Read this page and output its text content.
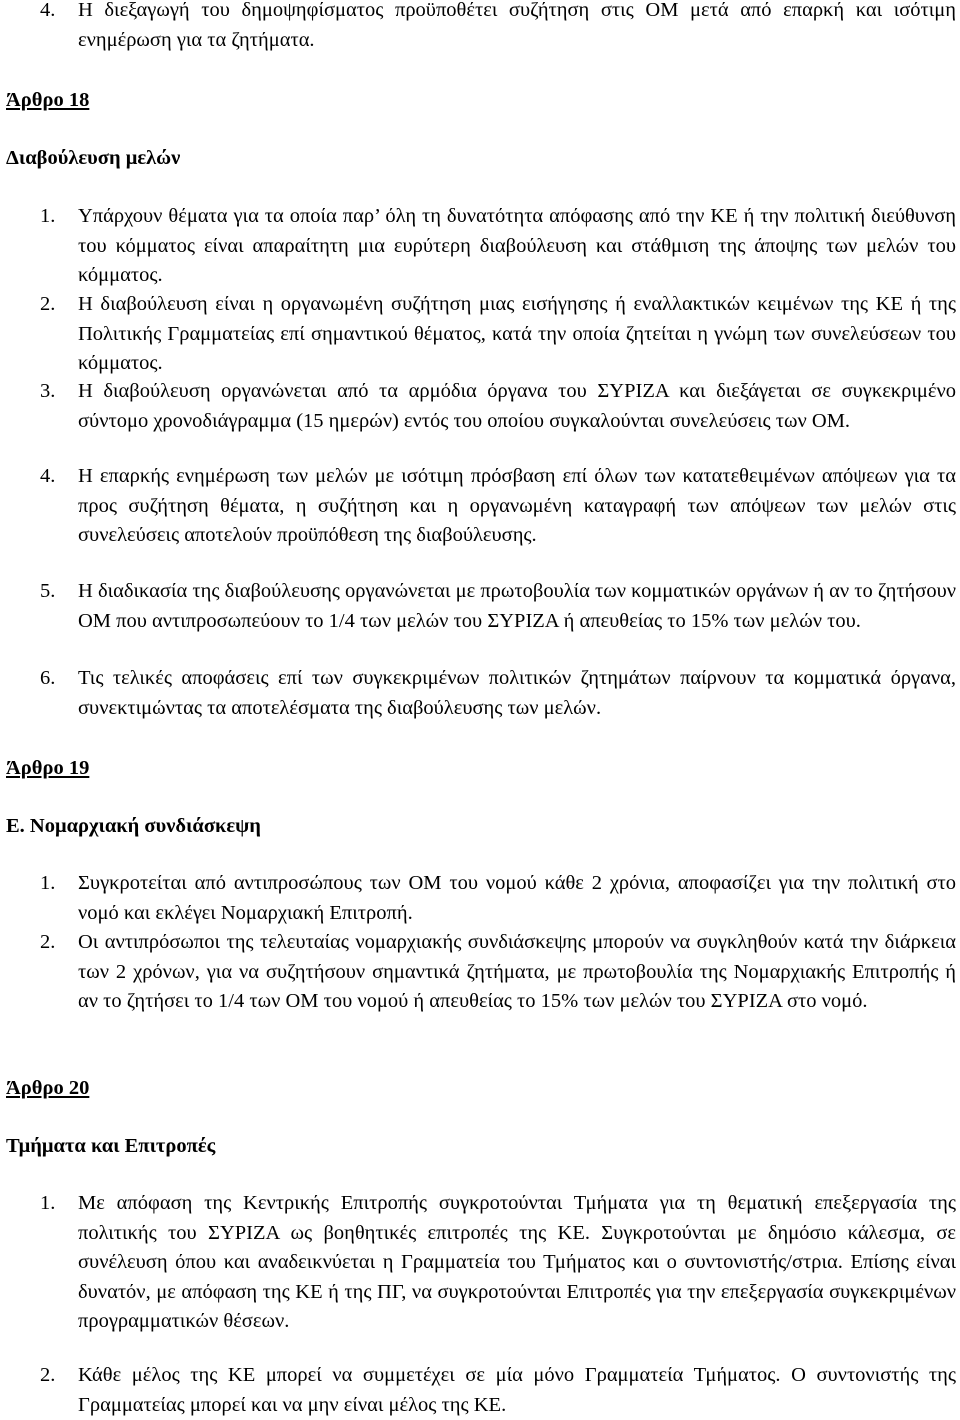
4. Η διεξαγωγή του δημοψηφίσματος προϋποθέτει συζήτηση στις ΟΜ μετά από επαρκή και ισότιμη ενημέρωση για τα ζητήματα.
Άρθρο 18
Διαβούλευση μελών
1. Υπάρχουν θέματα για τα οποία παρ’ όλη τη δυνατότητα απόφασης από την ΚΕ ή την πολιτική διεύθυνση του κόμματος είναι απαραίτητη μια ευρύτερη διαβούλευση και στάθμιση της άποψης των μελών του κόμματος.
2. Η διαβούλευση είναι η οργανωμένη συζήτηση μιας εισήγησης ή εναλλακτικών κειμένων της ΚΕ ή της Πολιτικής Γραμματείας επί σημαντικού θέματος, κατά την οποία ζητείται η γνώμη των συνελεύσεων του κόμματος.
3. Η διαβούλευση οργανώνεται από τα αρμόδια όργανα του ΣΥΡΙΖΑ και διεξάγεται σε συγκεκριμένο σύντομο χρονοδιάγραμμα (15 ημερών) εντός του οποίου συγκαλούνται συνελεύσεις των ΟΜ.
4. Η επαρκής ενημέρωση των μελών με ισότιμη πρόσβαση επί όλων των κατατεθειμένων απόψεων για τα προς συζήτηση θέματα, η συζήτηση και η οργανωμένη καταγραφή των απόψεων των μελών στις συνελεύσεις αποτελούν προϋπόθεση της διαβούλευσης.
5. Η διαδικασία της διαβούλευσης οργανώνεται με πρωτοβουλία των κομματικών οργάνων ή αν το ζητήσουν ΟΜ που αντιπροσωπεύουν το 1/4 των μελών του ΣΥΡΙΖΑ ή απευθείας το 15% των μελών του.
6. Τις τελικές αποφάσεις επί των συγκεκριμένων πολιτικών ζητημάτων παίρνουν τα κομματικά όργανα, συνεκτιμώντας τα αποτελέσματα της διαβούλευσης των μελών.
Άρθρο 19
Ε. Νομαρχιακή συνδιάσκεψη
1. Συγκροτείται από αντιπροσώπους των ΟΜ του νομού κάθε 2 χρόνια, αποφασίζει για την πολιτική στο νομό και εκλέγει Νομαρχιακή Επιτροπή.
2. Οι αντιπρόσωποι της τελευταίας νομαρχιακής συνδιάσκεψης μπορούν να συγκληθούν κατά την διάρκεια των 2 χρόνων, για να συζητήσουν σημαντικά ζητήματα, με πρωτοβουλία της Νομαρχιακής Επιτροπής ή αν το ζητήσει το 1/4 των ΟΜ του νομού ή απευθείας το 15% των μελών του ΣΥΡΙΖΑ στο νομό.
Άρθρο 20
Τμήματα και Επιτροπές
1. Με απόφαση της Κεντρικής Επιτροπής συγκροτούνται Τμήματα για τη θεματική επεξεργασία της πολιτικής του ΣΥΡΙΖΑ ως βοηθητικές επιτροπές της ΚΕ. Συγκροτούνται με δημόσιο κάλεσμα, σε συνέλευση όπου και αναδεικνύεται η Γραμματεία του Τμήματος και ο συντονιστής/στρια. Επίσης είναι δυνατόν, με απόφαση της ΚΕ ή της ΠΓ, να συγκροτούνται Επιτροπές για την επεξεργασία συγκεκριμένων προγραμματικών θέσεων.
2. Κάθε μέλος της ΚΕ μπορεί να συμμετέχει σε μία μόνο Γραμματεία Τμήματος. Ο συντονιστής της Γραμματείας μπορεί και να μην είναι μέλος της ΚΕ.
